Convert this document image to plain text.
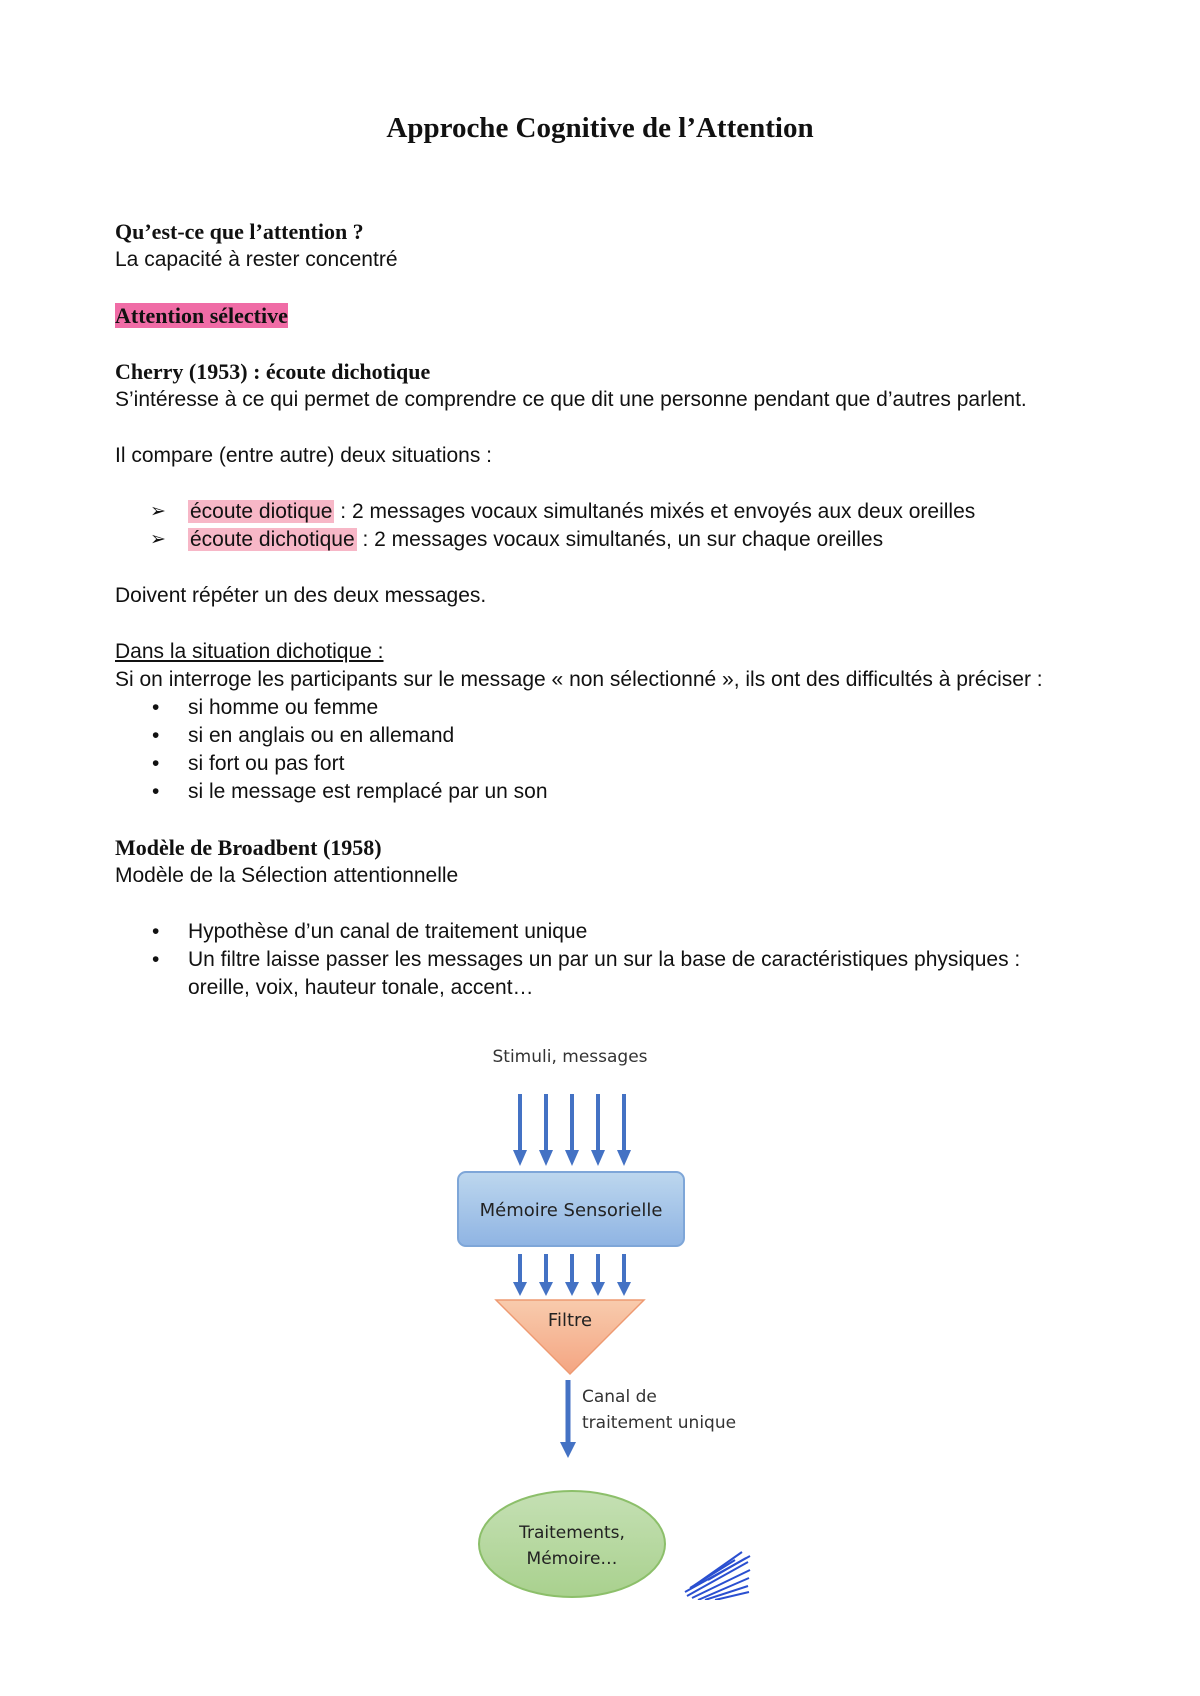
Approche Cognitive de l’Attention
Qu’est-ce que l’attention ?
La capacité à rester concentré
Attention sélective
Cherry (1953) : écoute dichotique
S’intéresse à ce qui permet de comprendre ce que dit une personne pendant que d’autres parlent.
Il compare (entre autre) deux situations :
➢ écoute diotique : 2 messages vocaux simultanés mixés et envoyés aux deux oreilles
➢ écoute dichotique : 2 messages vocaux simultanés, un sur chaque oreilles
Doivent répéter un des deux messages.
Dans la situation dichotique :
Si on interroge les participants sur le message « non sélectionné », ils ont des difficultés à préciser :
• si homme ou femme
• si en anglais ou en allemand
• si fort ou pas fort
• si le message est remplacé par un son
Modèle de Broadbent (1958)
Modèle de la Sélection attentionnelle
• Hypothèse d’un canal de traitement unique
• Un filtre laisse passer les messages un par un sur la base de caractéristiques physiques :
oreille, voix, hauteur tonale, accent…
Stimuli, messages
Mémoire Sensorielle
Filtre
Canal de
traitement unique
Traitements,
Mémoire…
